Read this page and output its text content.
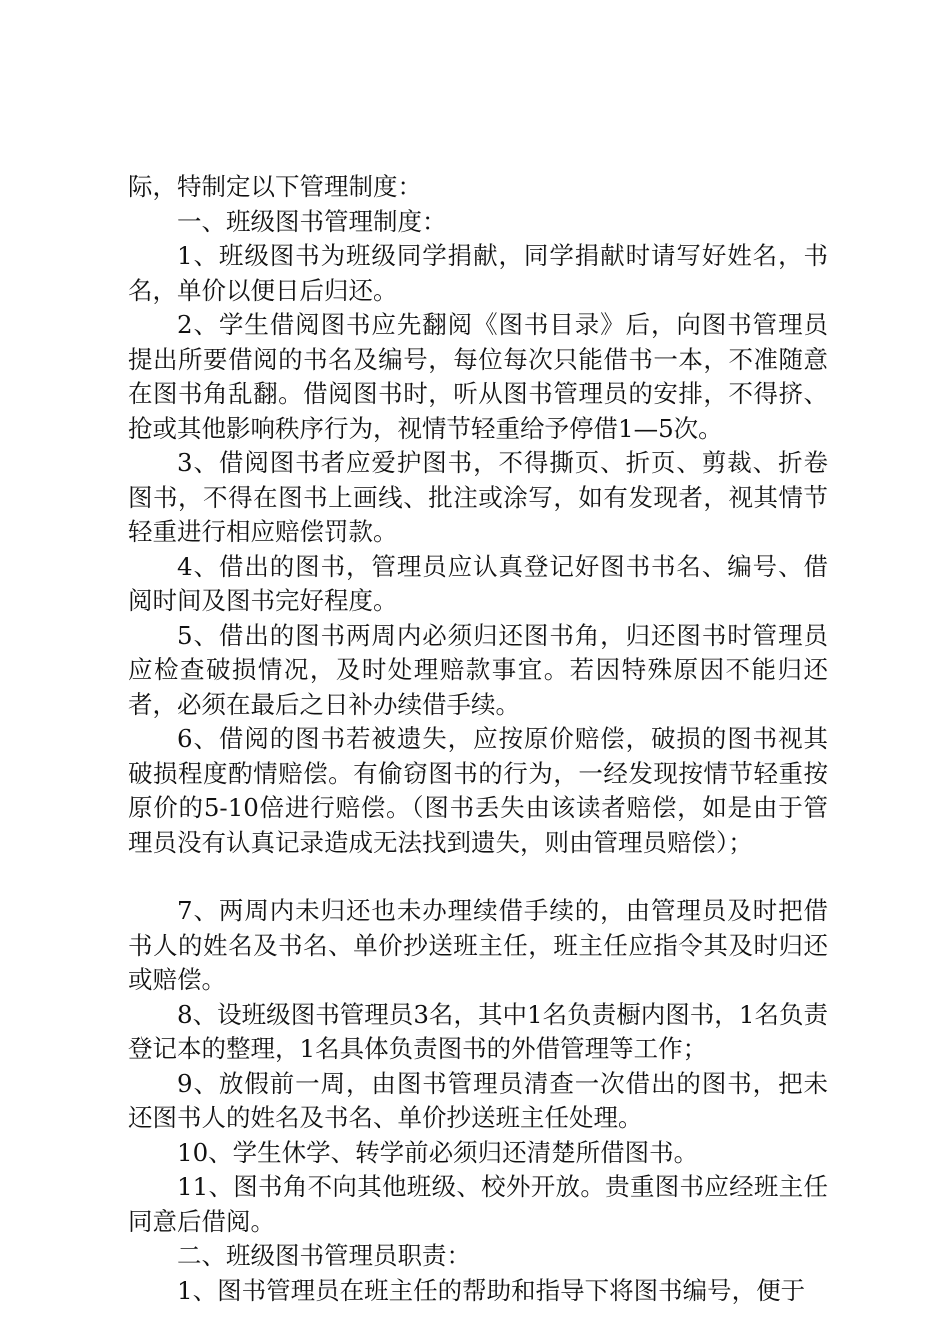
际，特制定以下管理制度：

一、班级图书管理制度：

1、班级图书为班级同学捐献，同学捐献时请写好姓名，书名，单价以便日后归还。

2、学生借阅图书应先翻阅《图书目录》后，向图书管理员提出所要借阅的书名及编号，每位每次只能借书一本，不准随意在图书角乱翻。借阅图书时，听从图书管理员的安排，不得挤、抢或其他影响秩序行为，视情节轻重给予停借1—5次。

3、借阅图书者应爱护图书，不得撕页、折页、剪裁、折卷图书，不得在图书上画线、批注或涂写，如有发现者，视其情节轻重进行相应赔偿罚款。

4、借出的图书，管理员应认真登记好图书书名、编号、借阅时间及图书完好程度。

5、借出的图书两周内必须归还图书角，归还图书时管理员应检查破损情况，及时处理赔款事宜。若因特殊原因不能归还者，必须在最后之日补办续借手续。

6、借阅的图书若被遗失，应按原价赔偿，破损的图书视其破损程度酌情赔偿。有偷窃图书的行为，一经发现按情节轻重按原价的5-10倍进行赔偿。（图书丢失由该读者赔偿，如是由于管理员没有认真记录造成无法找到遗失，则由管理员赔偿）；

7、两周内未归还也未办理续借手续的，由管理员及时把借书人的姓名及书名、单价抄送班主任，班主任应指令其及时归还或赔偿。

8、设班级图书管理员3名，其中1名负责橱内图书，1名负责登记本的整理，1名具体负责图书的外借管理等工作；

9、放假前一周，由图书管理员清查一次借出的图书，把未还图书人的姓名及书名、单价抄送班主任处理。

10、学生休学、转学前必须归还清楚所借图书。

11、图书角不向其他班级、校外开放。贵重图书应经班主任同意后借阅。

二、班级图书管理员职责：

1、图书管理员在班主任的帮助和指导下将图书编号，便于
